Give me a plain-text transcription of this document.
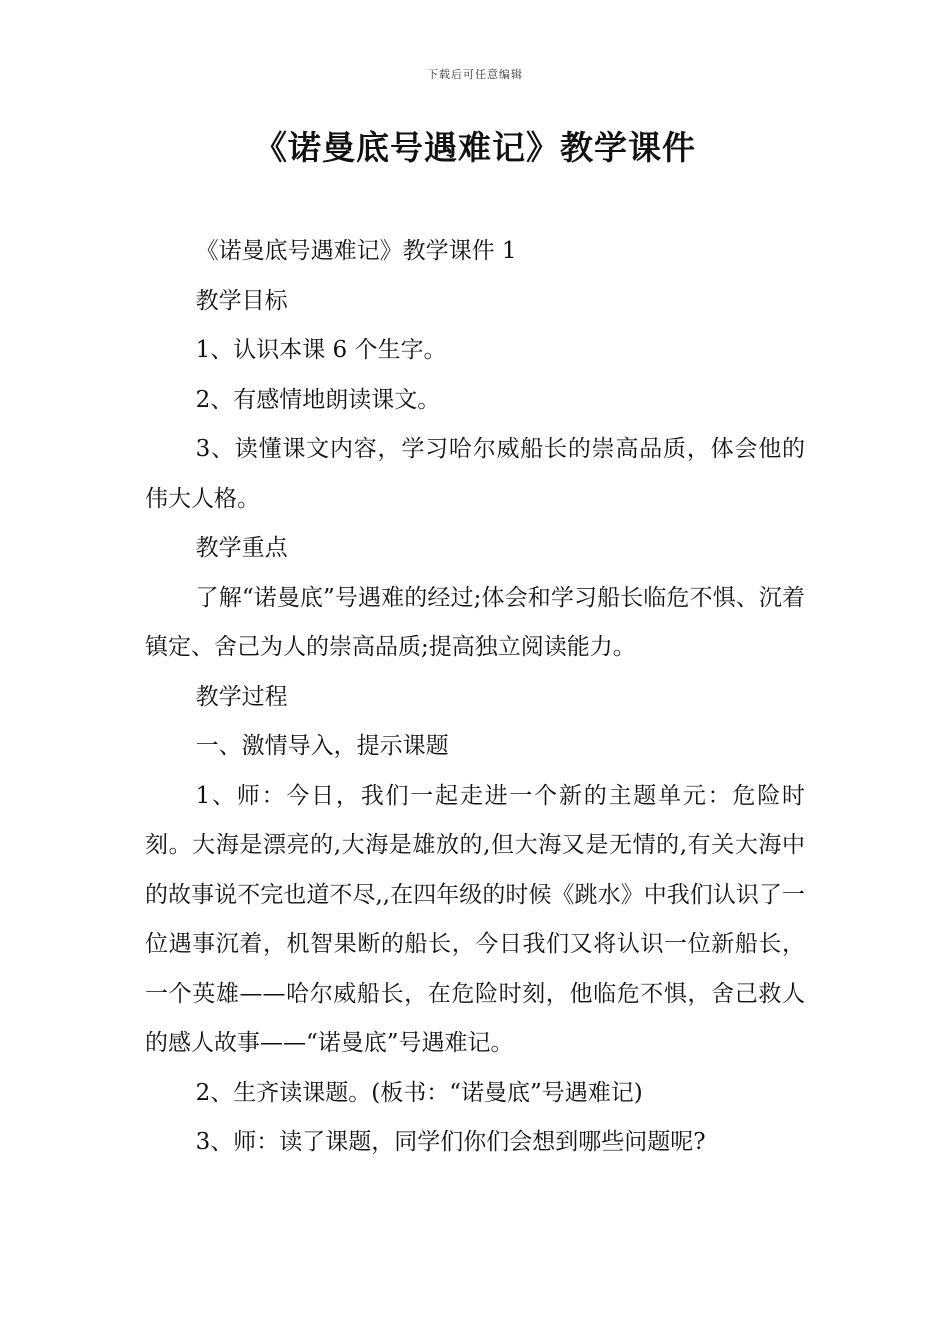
下载后可任意编辑
《诺曼底号遇难记》教学课件

《诺曼底号遇难记》教学课件 1

教学目标

1、认识本课 6 个生字。

2、有感情地朗读课文。

3、读懂课文内容，学习哈尔威船长的崇高品质，体会他的伟大人格。

教学重点

了解“诺曼底”号遇难的经过;体会和学习船长临危不惧、沉着镇定、舍己为人的崇高品质;提高独立阅读能力。

教学过程

一、激情导入，提示课题

1、师：今日，我们一起走进一个新的主题单元：危险时刻。大海是漂亮的,大海是雄放的,但大海又是无情的,有关大海中的故事说不完也道不尽,,在四年级的时候《跳水》中我们认识了一位遇事沉着，机智果断的船长，今日我们又将认识一位新船长，一个英雄——哈尔威船长，在危险时刻，他临危不惧，舍己救人的感人故事——“诺曼底”号遇难记。

2、生齐读课题。(板书：“诺曼底”号遇难记)

3、师：读了课题，同学们你们会想到哪些问题呢?
